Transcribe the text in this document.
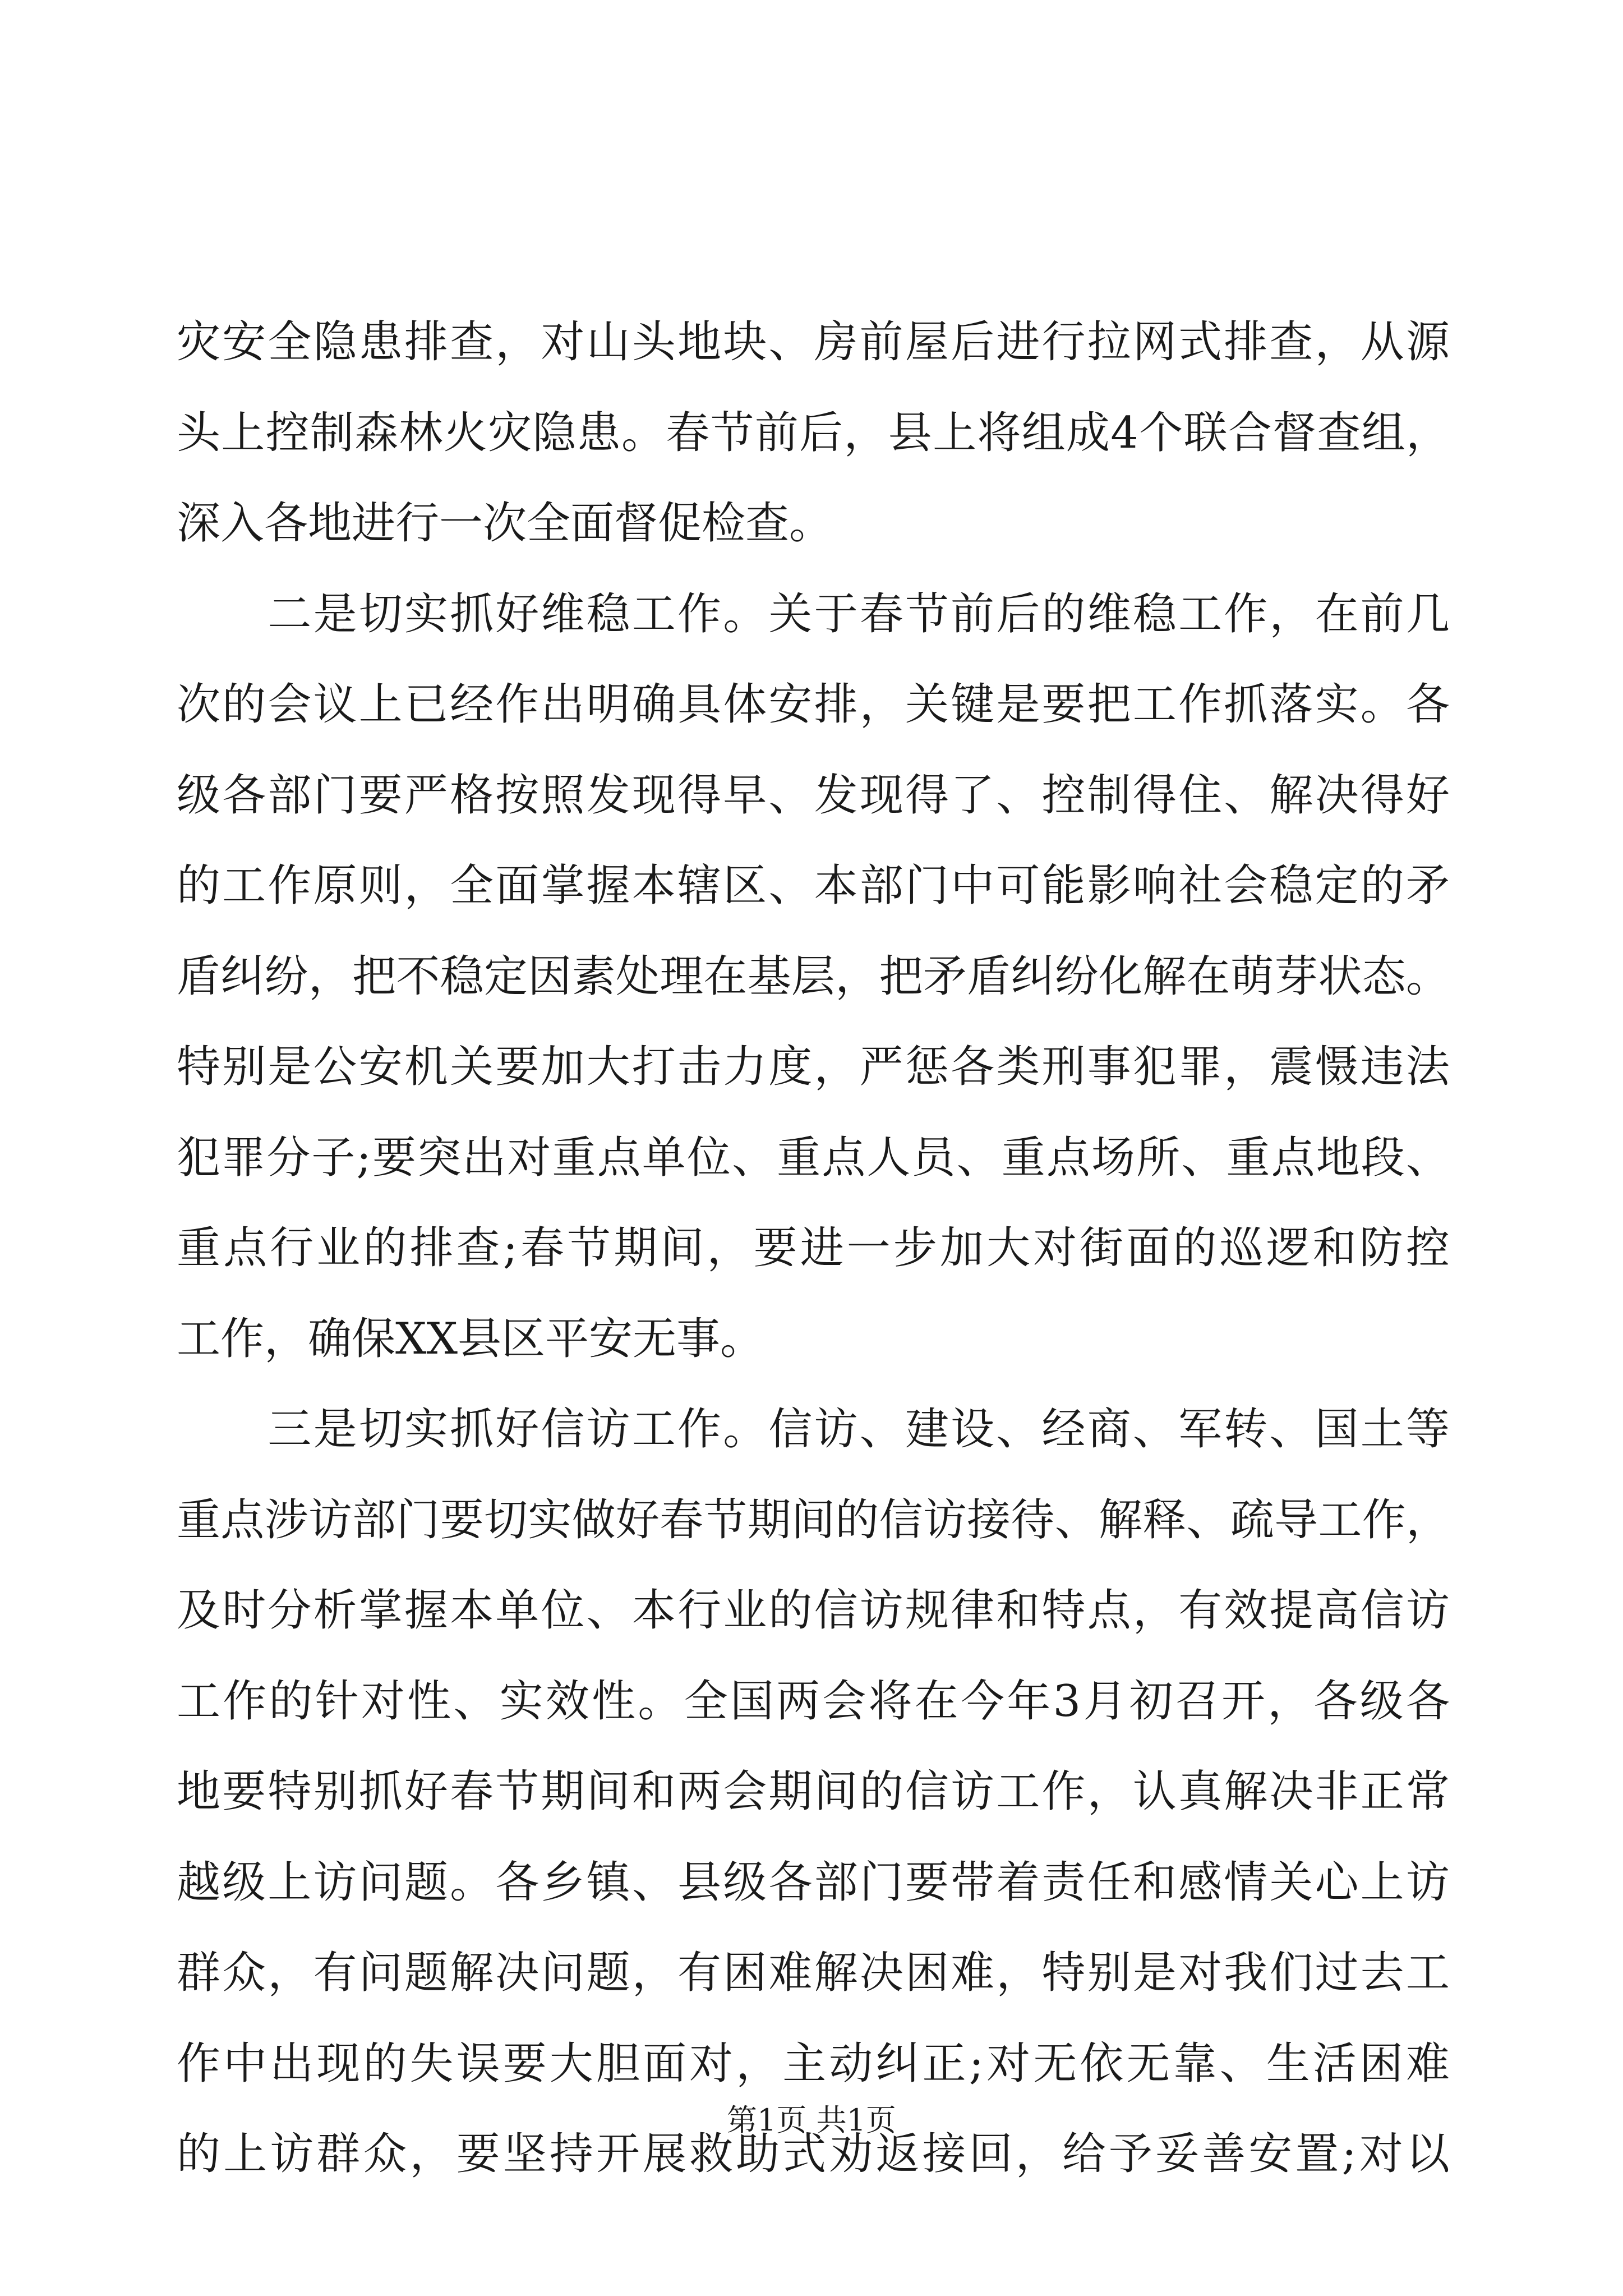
灾安全隐患排查，对山头地块、房前屋后进行拉网式排查，从源
头上控制森林火灾隐患。春节前后，县上将组成4个联合督查组，
深入各地进行一次全面督促检查。
　　二是切实抓好维稳工作。关于春节前后的维稳工作，在前几
次的会议上已经作出明确具体安排，关键是要把工作抓落实。各
级各部门要严格按照发现得早、发现得了、控制得住、解决得好
的工作原则，全面掌握本辖区、本部门中可能影响社会稳定的矛
盾纠纷，把不稳定因素处理在基层，把矛盾纠纷化解在萌芽状态。
特别是公安机关要加大打击力度，严惩各类刑事犯罪，震慑违法
犯罪分子;要突出对重点单位、重点人员、重点场所、重点地段、
重点行业的排查;春节期间，要进一步加大对街面的巡逻和防控
工作，确保XX县区平安无事。
　　三是切实抓好信访工作。信访、建设、经商、军转、国土等
重点涉访部门要切实做好春节期间的信访接待、解释、疏导工作，
及时分析掌握本单位、本行业的信访规律和特点，有效提高信访
工作的针对性、实效性。全国两会将在今年3月初召开，各级各
地要特别抓好春节期间和两会期间的信访工作，认真解决非正常
越级上访问题。各乡镇、县级各部门要带着责任和感情关心上访
群众，有问题解决问题，有困难解决困难，特别是对我们过去工
作中出现的失误要大胆面对，主动纠正;对无依无靠、生活困难
的上访群众，要坚持开展救助式劝返接回，给予妥善安置;对以
第1页 共1页
